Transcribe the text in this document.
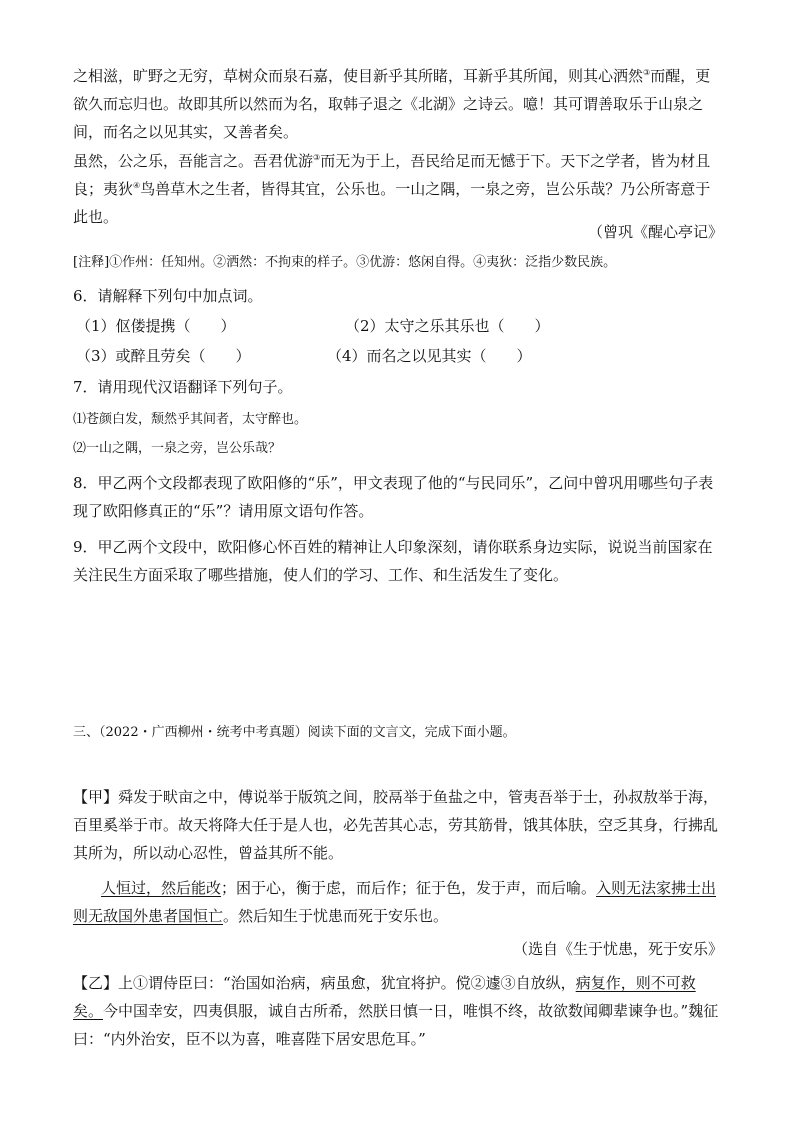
之相滋，旷野之无穷，草树众而泉石嘉，使目新乎其所睹，耳新乎其所闻，则其心洒然③而醒，更欲久而忘归也。故即其所以然而为名，取韩子退之《北湖》之诗云。噫！其可谓善取乐于山泉之间，而名之以见其实，又善者矣。

虽然，公之乐，吾能言之。吾君优游③而无为于上，吾民给足而无憾于下。天下之学者，皆为材且良；夷狄④鸟兽草木之生者，皆得其宜，公乐也。一山之隅，一泉之旁，岂公乐哉？乃公所寄意于此也。

（曾巩《醒心亭记》

[注释]①作州：任知州。②洒然：不拘束的样子。③优游：悠闲自得。④夷狄：泛指少数民族。

6．请解释下列句中加点词。

（1）伛偻提携（　　）	（2）太守之乐其乐也（　　）
（3）或醉且劳矣（　　）	（4）而名之以见其实（　　）

7．请用现代汉语翻译下列句子。

⑴苍颜白发，颓然乎其间者，太守醉也。

⑵一山之隅，一泉之旁，岂公乐哉？

8．甲乙两个文段都表现了欧阳修的“乐”，甲文表现了他的“与民同乐”，乙问中曾巩用哪些句子表现了欧阳修真正的“乐”？请用原文语句作答。

9．甲乙两个文段中，欧阳修心怀百姓的精神让人印象深刻，请你联系身边实际，说说当前国家在关注民生方面采取了哪些措施，使人们的学习、工作、和生活发生了变化。

三、（2022・广西柳州・统考中考真题）阅读下面的文言文，完成下面小题。

【甲】舜发于畎亩之中，傅说举于版筑之间，胶鬲举于鱼盐之中，管夷吾举于士，孙叔敖举于海，百里奚举于市。故天将降大任于是人也，必先苦其心志，劳其筋骨，饿其体肤，空乏其身，行拂乱其所为，所以动心忍性，曾益其所不能。

人恒过，然后能改；困于心，衡于虑，而后作；征于色，发于声，而后喻。入则无法家拂士出则无敌国外患者国恒亡。然后知生于忧患而死于安乐也。

（选自《生于忧患，死于安乐》

【乙】上①谓侍臣曰：“治国如治病，病虽愈，犹宜将护。傥②遽③自放纵，病复作，则不可救矣。今中国幸安，四夷俱服，诚自古所希，然朕日慎一日，唯惧不终，故欲数闻卿辈谏争也。”魏征曰：“内外治安，臣不以为喜，唯喜陛下居安思危耳。”
